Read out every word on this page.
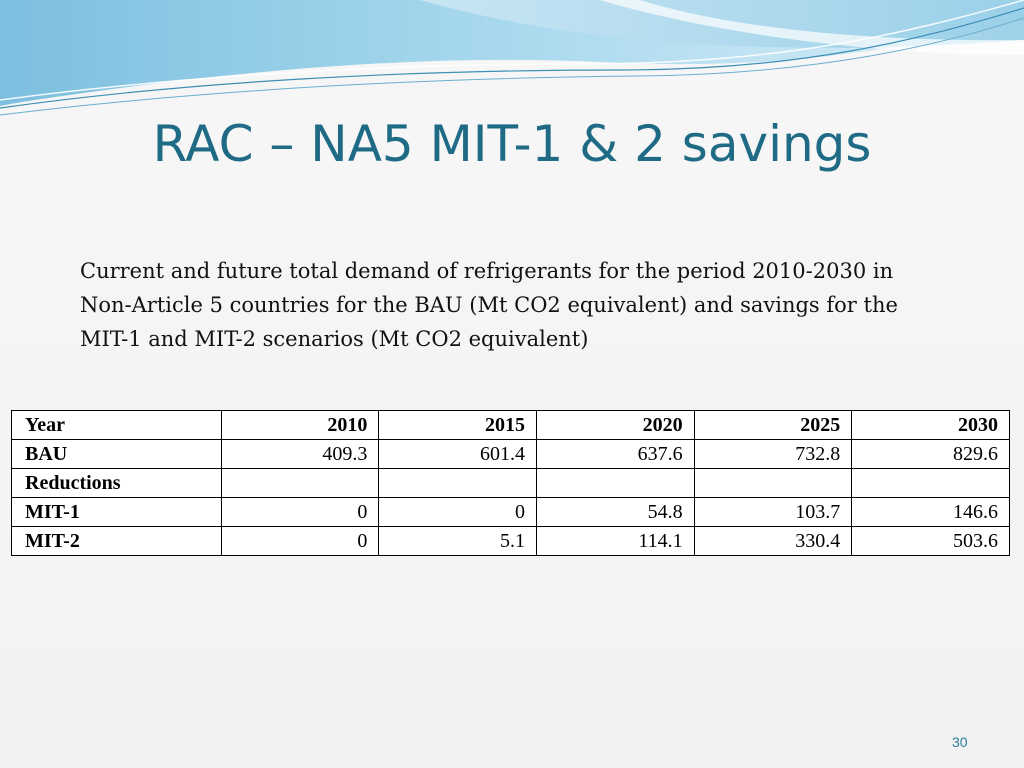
RAC – NA5 MIT-1 & 2 savings

Current and future total demand of refrigerants for the period 2010-2030 in Non-Article 5 countries for the BAU (Mt CO2 equivalent) and savings for the MIT-1 and MIT-2 scenarios (Mt CO2 equivalent)

Year	2010	2015	2020	2025	2030
BAU	409.3	601.4	637.6	732.8	829.6
Reductions					
MIT-1	0	0	54.8	103.7	146.6
MIT-2	0	5.1	114.1	330.4	503.6
30
